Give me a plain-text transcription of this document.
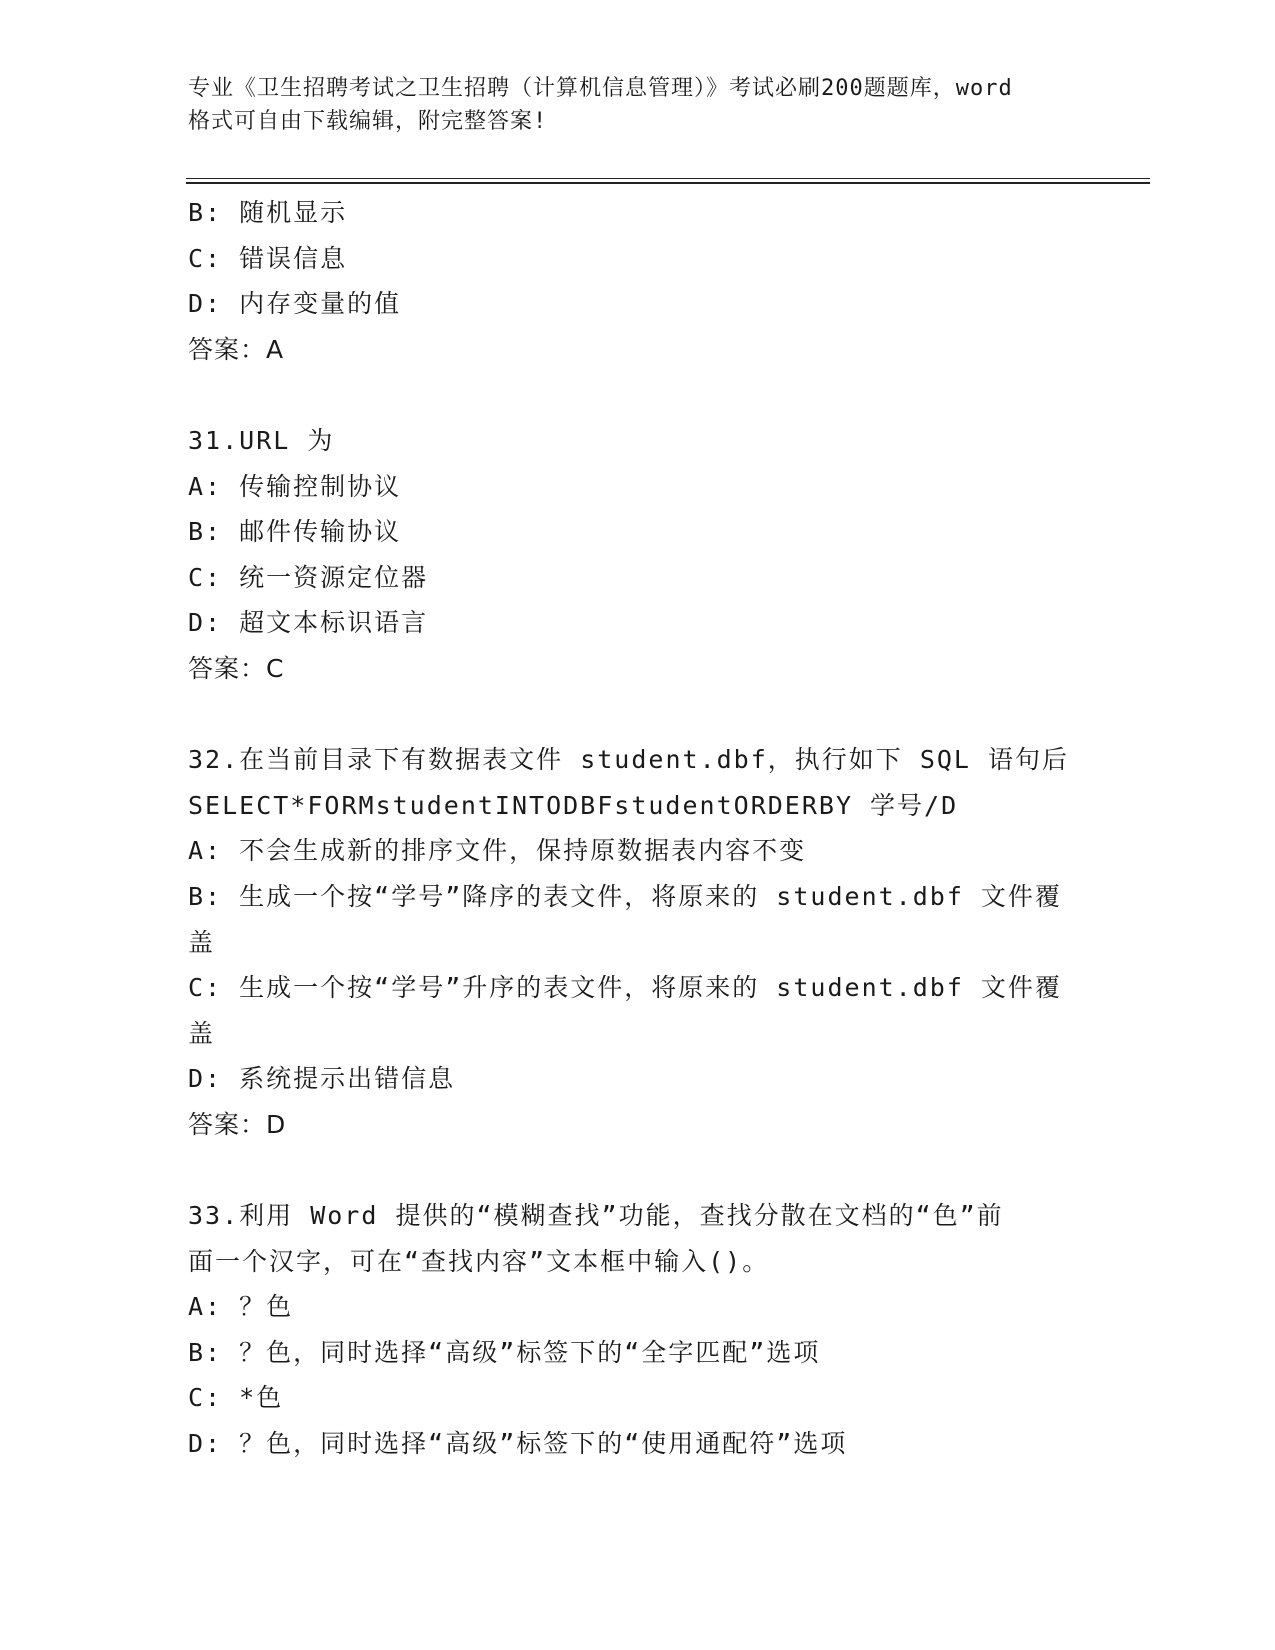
专业《卫生招聘考试之卫生招聘（计算机信息管理）》考试必刷200题题库，word
格式可自由下载编辑，附完整答案!
B: 随机显示
C: 错误信息
D: 内存变量的值
答案：A
31.URL 为
A: 传输控制协议
B: 邮件传输协议
C: 统一资源定位器
D: 超文本标识语言
答案：C
32.在当前目录下有数据表文件 student.dbf，执行如下 SQL 语句后
SELECT*FORMstudentINTODBFstudentORDERBY 学号/D
A: 不会生成新的排序文件，保持原数据表内容不变
B: 生成一个按“学号”降序的表文件，将原来的 student.dbf 文件覆
盖
C: 生成一个按“学号”升序的表文件，将原来的 student.dbf 文件覆
盖
D: 系统提示出错信息
答案：D
33.利用 Word 提供的“模糊查找”功能，查找分散在文档的“色”前
面一个汉字，可在“查找内容”文本框中输入()。
A: ？色
B: ？色，同时选择“高级”标签下的“全字匹配”选项
C: *色
D: ？色，同时选择“高级”标签下的“使用通配符”选项
